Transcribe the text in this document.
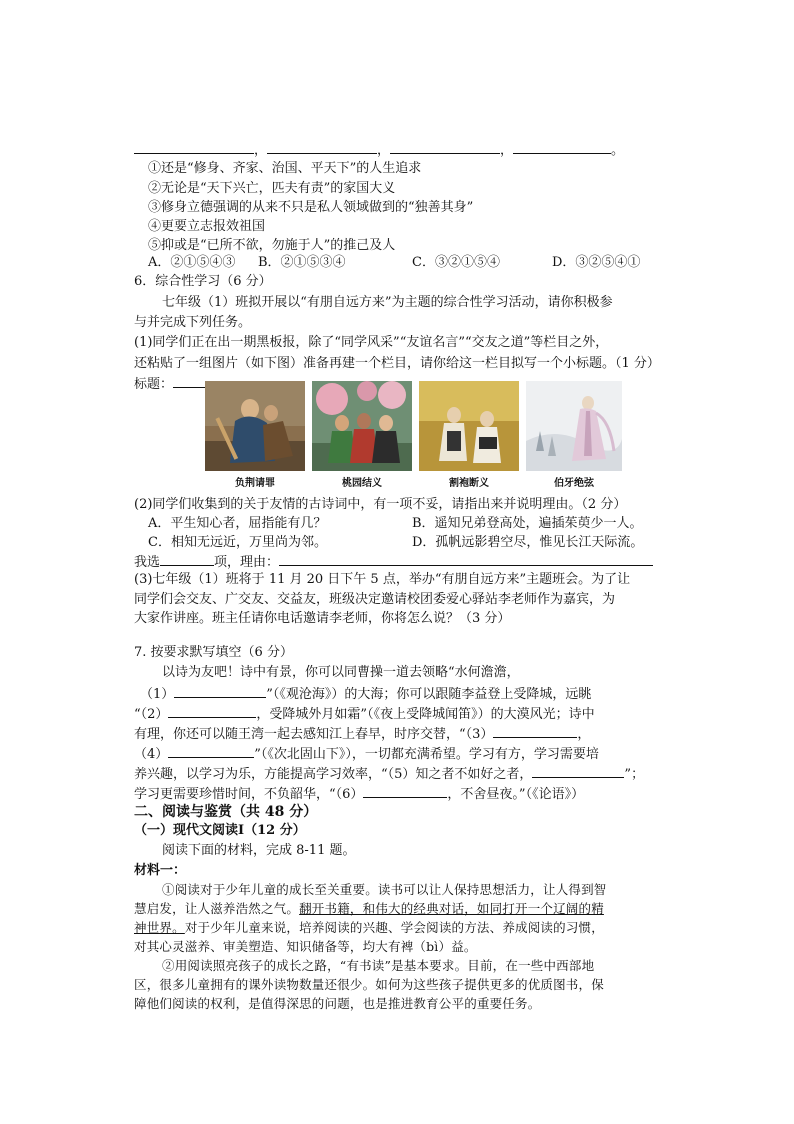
，	，	，	。
①还是“修身、齐家、治国、平天下”的人生追求
②无论是“天下兴亡，匹夫有责”的家国大义
③修身立德强调的从来不只是私人领域做到的“独善其身”
④更要立志报效祖国
⑤抑或是“已所不欲，勿施于人”的推己及人
A．②①⑤④③ B．②①⑤③④	C．③②①⑤④	D．③②⑤④①
6．综合性学习（6 分）
七年级（1）班拟开展以“有朋自远方来”为主题的综合性学习活动，请你积极参
与并完成下列任务。
(1)同学们正在出一期黑板报，除了“同学风采”“友谊名言”“交友之道”等栏目之外，
还粘贴了一组图片（如下图）准备再建一个栏目，请你给这一栏目拟写一个小标题。（1 分）
标题：
负荆请罪	桃园结义	割袍断义	伯牙绝弦
(2)同学们收集到的关于友情的古诗词中，有一项不妥，请指出来并说明理由。（2 分）
A．平生知心者，屈指能有几？	B．遥知兄弟登高处，遍插茱萸少一人。
C．相知无远近，万里尚为邻。	D．孤帆远影碧空尽，惟见长江天际流。
我选	项，理由：
(3)七年级（1）班将于 11 月 20 日下午 5 点，举办“有朋自远方来”主题班会。为了让
同学们会交友、广交友、交益友，班级决定邀请校团委爱心驿站李老师作为嘉宾，为
大家作讲座。班主任请你电话邀请李老师，你将怎么说？（3 分）
7. 按要求默写填空（6 分）
以诗为友吧！诗中有景，你可以同曹操一道去领略“水何澹澹，
（1）	”（《观沧海》）的大海；你可以跟随李益登上受降城，远眺
“（2）	，受降城外月如霜”（《夜上受降城闻笛》）的大漠风光；诗中
有理，你还可以随王湾一起去感知江上春早，时序交替，“（3）	，
（4）	”（《次北固山下》），一切都充满希望。学习有方，学习需要培
养兴趣，以学习为乐，方能提高学习效率，“（5）知之者不如好之者，	”；
学习更需要珍惜时间，不负韶华，“（6）	，不舍昼夜。”（《论语》）
二、阅读与鉴赏（共 48 分）
（一）现代文阅读Ⅰ（12 分）
阅读下面的材料，完成 8-11 题。
材料一：
①阅读对于少年儿童的成长至关重要。读书可以让人保持思想活力，让人得到智
慧启发，让人滋养浩然之气。翻开书籍，和伟大的经典对话，如同打开一个辽阔的精
神世界。对于少年儿童来说，培养阅读的兴趣、学会阅读的方法、养成阅读的习惯，
对其心灵滋养、审美塑造、知识储备等，均大有裨（bì）益。
②用阅读照亮孩子的成长之路，“有书读”是基本要求。目前，在一些中西部地
区，很多儿童拥有的课外读物数量还很少。如何为这些孩子提供更多的优质图书，保
障他们阅读的权利，是值得深思的问题，也是推进教育公平的重要任务。
